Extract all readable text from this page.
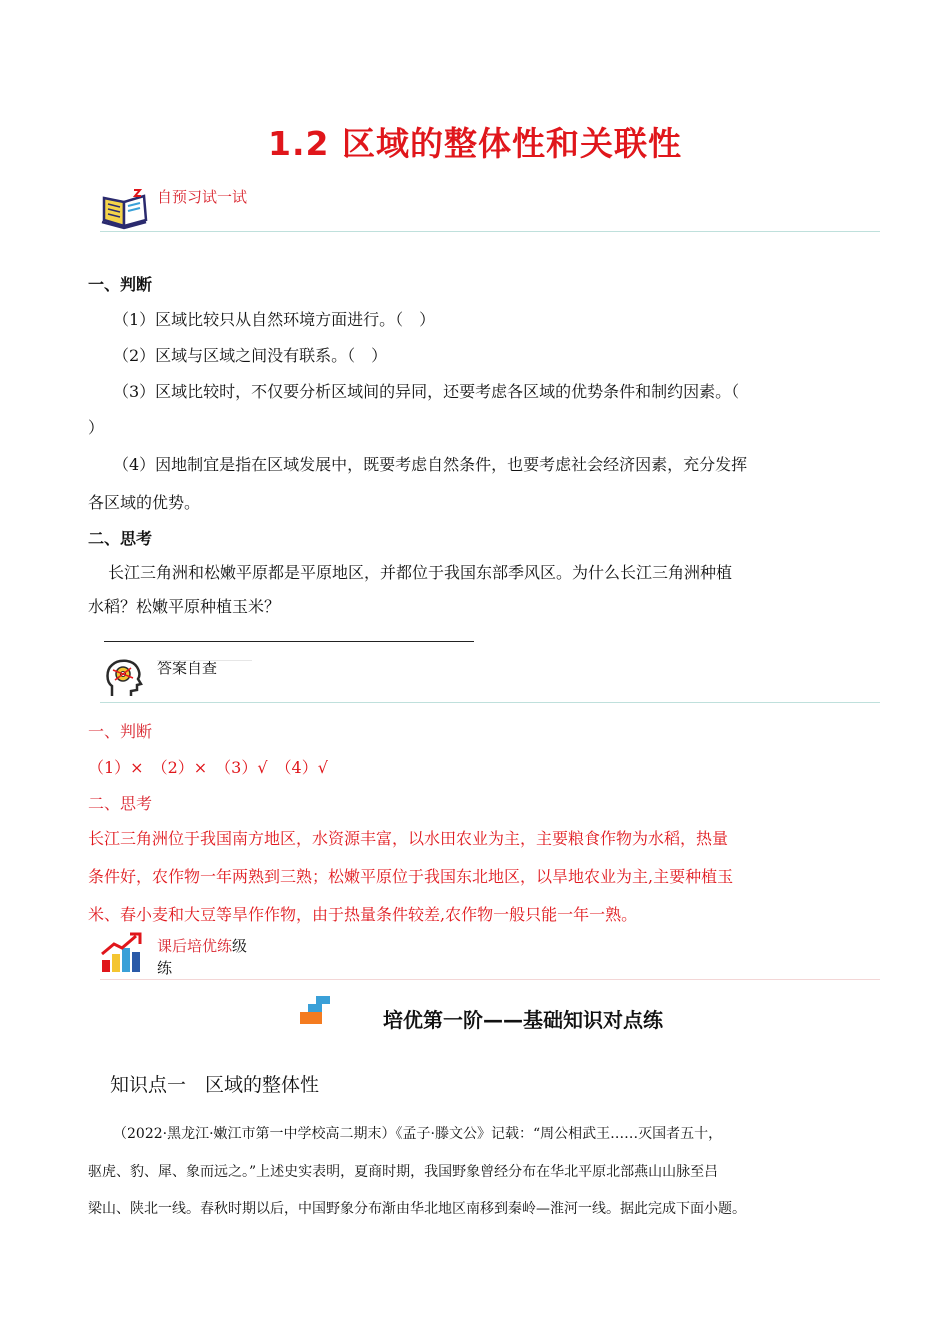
1.2 区域的整体性和关联性
自预习试一试
一、判断
（1）区域比较只从自然环境方面进行。（　）
（2）区域与区域之间没有联系。（　）
（3）区域比较时，不仅要分析区域间的异同，还要考虑各区域的优势条件和制约因素。（
）
（4）因地制宜是指在区域发展中，既要考虑自然条件，也要考虑社会经济因素，充分发挥
各区域的优势。
二、思考
长江三角洲和松嫩平原都是平原地区，并都位于我国东部季风区。为什么长江三角洲种植
水稻？松嫩平原种植玉米？
答案自查
一、判断
（1）×　（2）×　（3）√　（4）√
二、思考
长江三角洲位于我国南方地区，水资源丰富，以水田农业为主，主要粮食作物为水稻，热量
条件好，农作物一年两熟到三熟；松嫩平原位于我国东北地区，以旱地农业为主,主要种植玉
米、春小麦和大豆等旱作作物，由于热量条件较差,农作物一般只能一年一熟。
课后培优练级
练
培优第一阶——基础知识对点练
知识点一　区域的整体性
（2022·黑龙江·嫩江市第一中学校高二期末）《孟子·滕文公》记载：“周公相武王……灭国者五十，
驱虎、豹、犀、象而远之。”上述史实表明，夏商时期，我国野象曾经分布在华北平原北部燕山山脉至吕
梁山、陕北一线。春秋时期以后，中国野象分布渐由华北地区南移到秦岭—淮河一线。据此完成下面小题。
